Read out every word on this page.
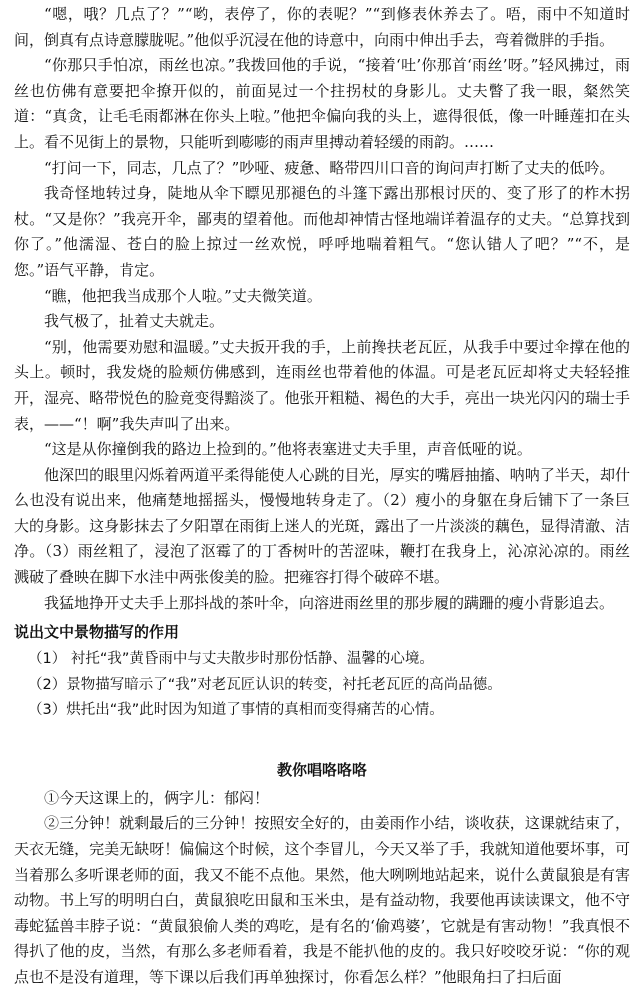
“嗯，哦？几点了？”“哟，表停了，你的表呢？”“到修表休养去了。唔，雨中不知道时间，倒真有点诗意朦胧呢。”他似乎沉浸在他的诗意中，向雨中伸出手去，弯着微胖的手指。

“你那只手怕凉，雨丝也凉。”我拨回他的手说，“接着‘吐’你那首‘雨丝’呀。”轻风拂过，雨丝也仿佛有意要把伞撩开似的，前面晃过一个拄拐杖的身影儿。丈夫瞥了我一眼，粲然笑道：“真贪，让毛毛雨都淋在你头上啦。”他把伞偏向我的头上，遮得很低，像一叶睡莲扣在头上。看不见街上的景物，只能听到嘭嘭的雨声里搏动着轻缓的雨韵。……

“打问一下，同志，几点了？”吵哑、疲惫、略带四川口音的询问声打断了丈夫的低吟。

我奇怪地转过身，陡地从伞下瞟见那褪色的斗篷下露出那根讨厌的、变了形了的柞木拐杖。“又是你？”我亮开伞，鄙夷的望着他。而他却神情古怪地端详着温存的丈夫。“总算找到你了。”他濡湿、苍白的脸上掠过一丝欢悦，呼呼地喘着粗气。“您认错人了吧？”“不，是您。”语气平静，肯定。

“瞧，他把我当成那个人啦。”丈夫微笑道。

我气极了，扯着丈夫就走。

“别，他需要劝慰和温暖。”丈夫扳开我的手，上前搀扶老瓦匠，从我手中要过伞撑在他的头上。顿时，我发烧的脸颊仿佛感到，连雨丝也带着他的体温。可是老瓦匠却将丈夫轻轻推开，湿亮、略带悦色的脸竟变得黯淡了。他张开粗糙、褐色的大手，亮出一块光闪闪的瑞士手表，——“！啊”我失声叫了出来。

“这是从你撞倒我的路边上捡到的。”他将表塞进丈夫手里，声音低哑的说。

他深凹的眼里闪烁着两道平柔得能使人心跳的目光，厚实的嘴唇抽搐、呐呐了半天，却什么也没有说出来，他痛楚地摇摇头，慢慢地转身走了。（2）瘦小的身躯在身后铺下了一条巨大的身影。这身影抹去了夕阳罩在雨街上迷人的光斑，露出了一片淡淡的藕色，显得清澈、洁净。（3）雨丝粗了，浸泡了沤霉了的丁香树叶的苦涩味，鞭打在我身上，沁凉沁凉的。雨丝溅破了叠映在脚下水洼中两张俊美的脸。把雍容打得个破碎不堪。

我猛地挣开丈夫手上那抖战的茶叶伞，向溶进雨丝里的那步履的蹒跚的瘦小背影追去。

说出文中景物描写的作用

（1） 衬托“我”黄昏雨中与丈夫散步时那份恬静、温馨的心境。

（2）景物描写暗示了“我”对老瓦匠认识的转变，衬托老瓦匠的高尚品德。

（3）烘托出“我”此时因为知道了事情的真相而变得痛苦的心情。

教你唱咯咯咯

①今天这课上的，俩字儿：郁闷！

②三分钟！就剩最后的三分钟！按照安全好的，由姜雨作小结，谈收获，这课就结束了，天衣无缝，完美无缺呀！偏偏这个时候，这个李冒儿，今天又举了手，我就知道他要坏事，可当着那么多听课老师的面，我又不能不点他。果然，他大咧咧地站起来，说什么黄鼠狼是有害动物。书上写的明明白白，黄鼠狼吃田鼠和玉米虫，是有益动物，我要他再读读课文，他不守毒蛇猛兽丰脖子说：“黄鼠狼偷人类的鸡吃，是有名的‘偷鸡婆’，它就是有害动物！”我真恨不得扒了他的皮，当然，有那么多老师看着，我是不能扒他的皮的。我只好咬咬牙说：“你的观点也不是没有道理，等下课以后我们再单独探讨，你看怎么样？”他眼角扫了扫后面
